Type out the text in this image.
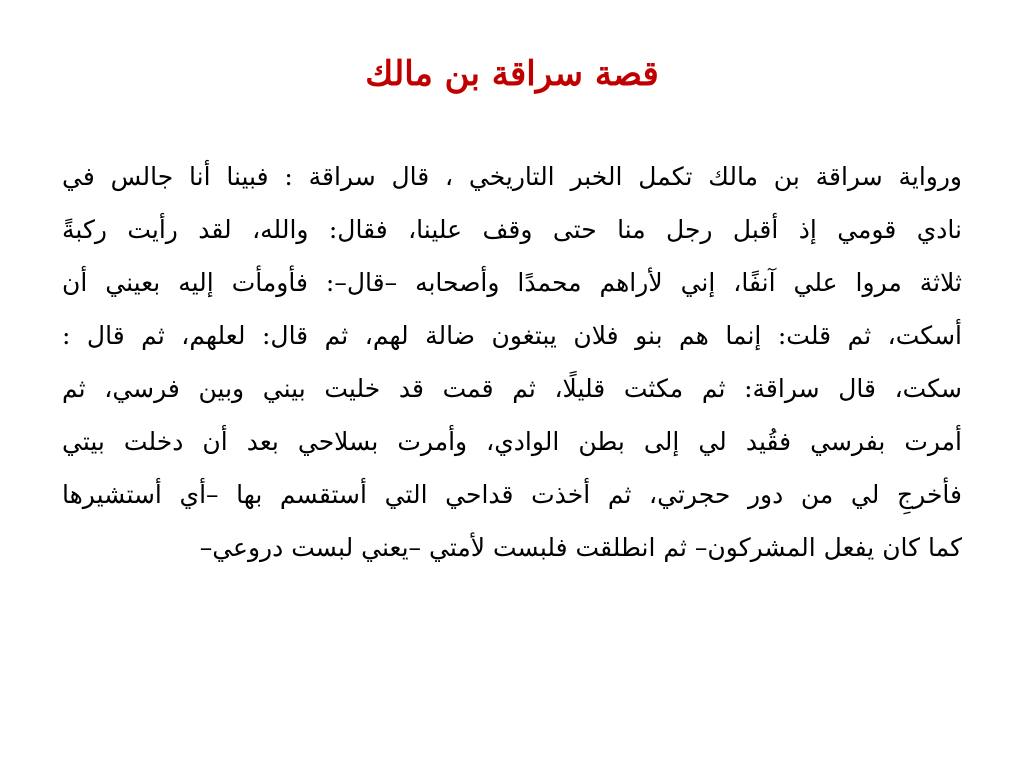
قصة سراقة بن مالك
ورواية سراقة بن مالك تكمل الخبر التاريخي ، قال سراقة : فبينا أنا جالس في
نادي قومي إذ أقبل رجل منا حتى وقف علينا، فقال: والله، لقد رأيت ركبةً
ثلاثة مروا علي آنفًا، إني لأراهم محمدًا وأصحابه –قال–: فأومأت إليه بعيني أن
أسكت، ثم قلت: إنما هم بنو فلان يبتغون ضالة لهم، ثم قال: لعلهم، ثم قال :
سكت، قال سراقة: ثم مكثت قليلًا، ثم قمت قد خليت بيني وبين فرسي، ثم
أمرت بفرسي فقُيد لي إلى بطن الوادي، وأمرت بسلاحي بعد أن دخلت بيتي
فأخرجِ لي من دور حجرتي، ثم أخذت قداحي التي أستقسم بها –أي أستشيرها
كما كان يفعل المشركون– ثم انطلقت فلبست لأمتي –يعني لبست دروعي–
